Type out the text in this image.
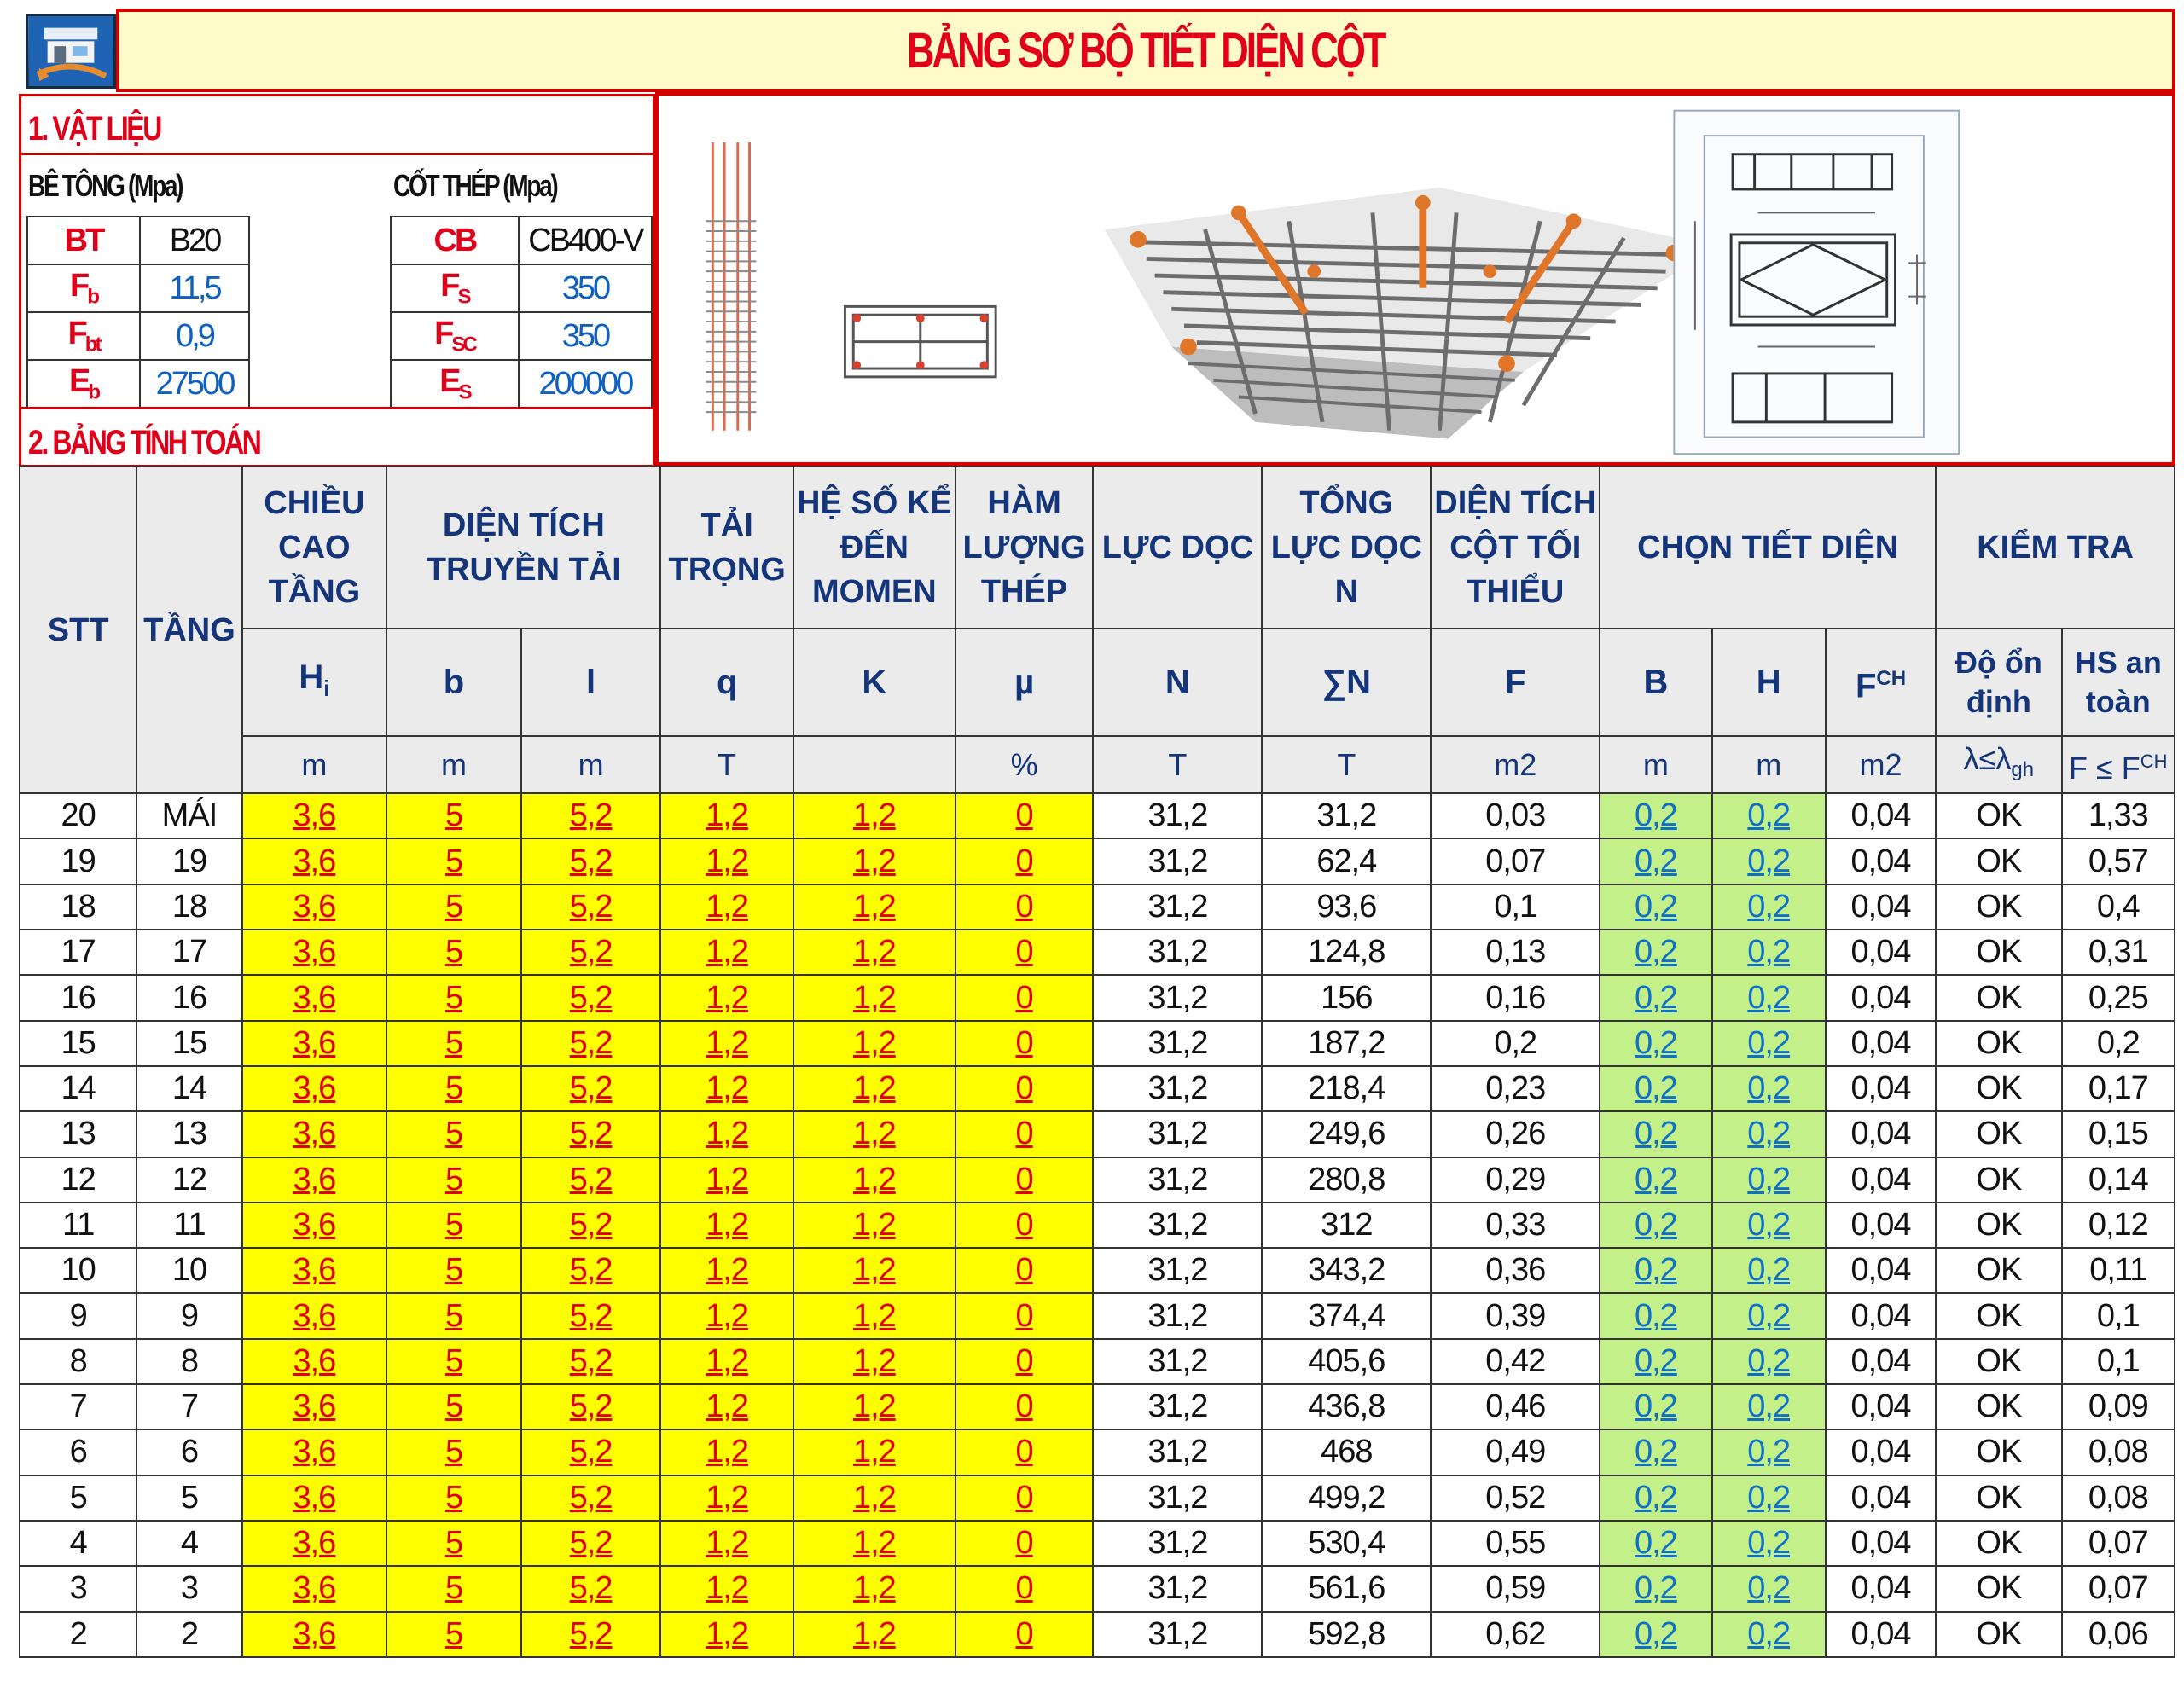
BẢNG SƠ BỘ TIẾT DIỆN CỘT
1. VẬT LIỆU
BÊ TÔNG (Mpa)	CỐT THÉP (Mpa)
BT	B20
$F_b$	11,5
$F_{bt}$	0,9
$E_b$	27500
CB	CB400-V
$F_S$	350
$F_{SC}$	350
$E_S$	200000
2. BẢNG TÍNH TOÁN
STT	TẦNG	CHIỀU CAO TẦNG	DIỆN TÍCH TRUYỀN TẢI		TẢI TRỌNG	HỆ SỐ KỂ ĐẾN MOMEN	HÀM LƯỢNG THÉP	LỰC DỌC	TỔNG LỰC DỌC N	DIỆN TÍCH CỘT TỐI THIỂU	CHỌN TIẾT DIỆN			KIỂM TRA	
		$H_i$	b	l	q	K	µ	N	∑N	F	B	H	$F^{CH}$	Độ ổn định	HS an toàn
		m	m	m	T		%	T	T	m2	m	m	m2	$\lambda\le\lambda_{gh}$	$F \le F^{CH}$
20	MÁI	3,6	5	5,2	1,2	1,2	0	31,2	31,2	0,03	0,2	0,2	0,04	OK	1,33
19	19	3,6	5	5,2	1,2	1,2	0	31,2	62,4	0,07	0,2	0,2	0,04	OK	0,57
18	18	3,6	5	5,2	1,2	1,2	0	31,2	93,6	0,1	0,2	0,2	0,04	OK	0,4
17	17	3,6	5	5,2	1,2	1,2	0	31,2	124,8	0,13	0,2	0,2	0,04	OK	0,31
16	16	3,6	5	5,2	1,2	1,2	0	31,2	156	0,16	0,2	0,2	0,04	OK	0,25
15	15	3,6	5	5,2	1,2	1,2	0	31,2	187,2	0,2	0,2	0,2	0,04	OK	0,2
14	14	3,6	5	5,2	1,2	1,2	0	31,2	218,4	0,23	0,2	0,2	0,04	OK	0,17
13	13	3,6	5	5,2	1,2	1,2	0	31,2	249,6	0,26	0,2	0,2	0,04	OK	0,15
12	12	3,6	5	5,2	1,2	1,2	0	31,2	280,8	0,29	0,2	0,2	0,04	OK	0,14
11	11	3,6	5	5,2	1,2	1,2	0	31,2	312	0,33	0,2	0,2	0,04	OK	0,12
10	10	3,6	5	5,2	1,2	1,2	0	31,2	343,2	0,36	0,2	0,2	0,04	OK	0,11
9	9	3,6	5	5,2	1,2	1,2	0	31,2	374,4	0,39	0,2	0,2	0,04	OK	0,1
8	8	3,6	5	5,2	1,2	1,2	0	31,2	405,6	0,42	0,2	0,2	0,04	OK	0,1
7	7	3,6	5	5,2	1,2	1,2	0	31,2	436,8	0,46	0,2	0,2	0,04	OK	0,09
6	6	3,6	5	5,2	1,2	1,2	0	31,2	468	0,49	0,2	0,2	0,04	OK	0,08
5	5	3,6	5	5,2	1,2	1,2	0	31,2	499,2	0,52	0,2	0,2	0,04	OK	0,08
4	4	3,6	5	5,2	1,2	1,2	0	31,2	530,4	0,55	0,2	0,2	0,04	OK	0,07
3	3	3,6	5	5,2	1,2	1,2	0	31,2	561,6	0,59	0,2	0,2	0,04	OK	0,07
2	2	3,6	5	5,2	1,2	1,2	0	31,2	592,8	0,62	0,2	0,2	0,04	OK	0,06
